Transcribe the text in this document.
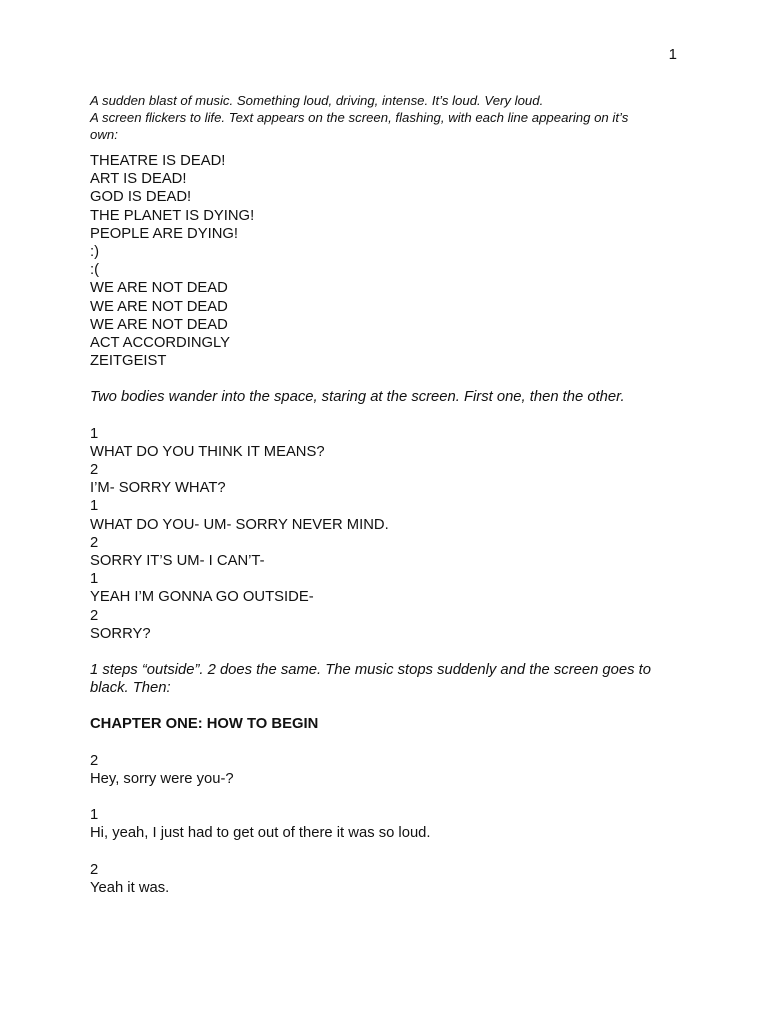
1
A sudden blast of music. Something loud, driving, intense. It’s loud. Very loud.
A screen flickers to life. Text appears on the screen, flashing, with each line appearing on it’s
own:
THEATRE IS DEAD!
ART IS DEAD!
GOD IS DEAD!
THE PLANET IS DYING!
PEOPLE ARE DYING!
:)
:(
WE ARE NOT DEAD
WE ARE NOT DEAD
WE ARE NOT DEAD
ACT ACCORDINGLY
ZEITGEIST
Two bodies wander into the space, staring at the screen. First one, then the other.
1
WHAT DO YOU THINK IT MEANS?
2
I’M- SORRY WHAT?
1
WHAT DO YOU- UM- SORRY NEVER MIND.
2
SORRY IT’S UM- I CAN’T-
1
YEAH I’M GONNA GO OUTSIDE-
2
SORRY?
1 steps “outside”. 2 does the same. The music stops suddenly and the screen goes to
black. Then:
CHAPTER ONE: HOW TO BEGIN
2
Hey, sorry were you-?
1
Hi, yeah, I just had to get out of there it was so loud.
2
Yeah it was.
